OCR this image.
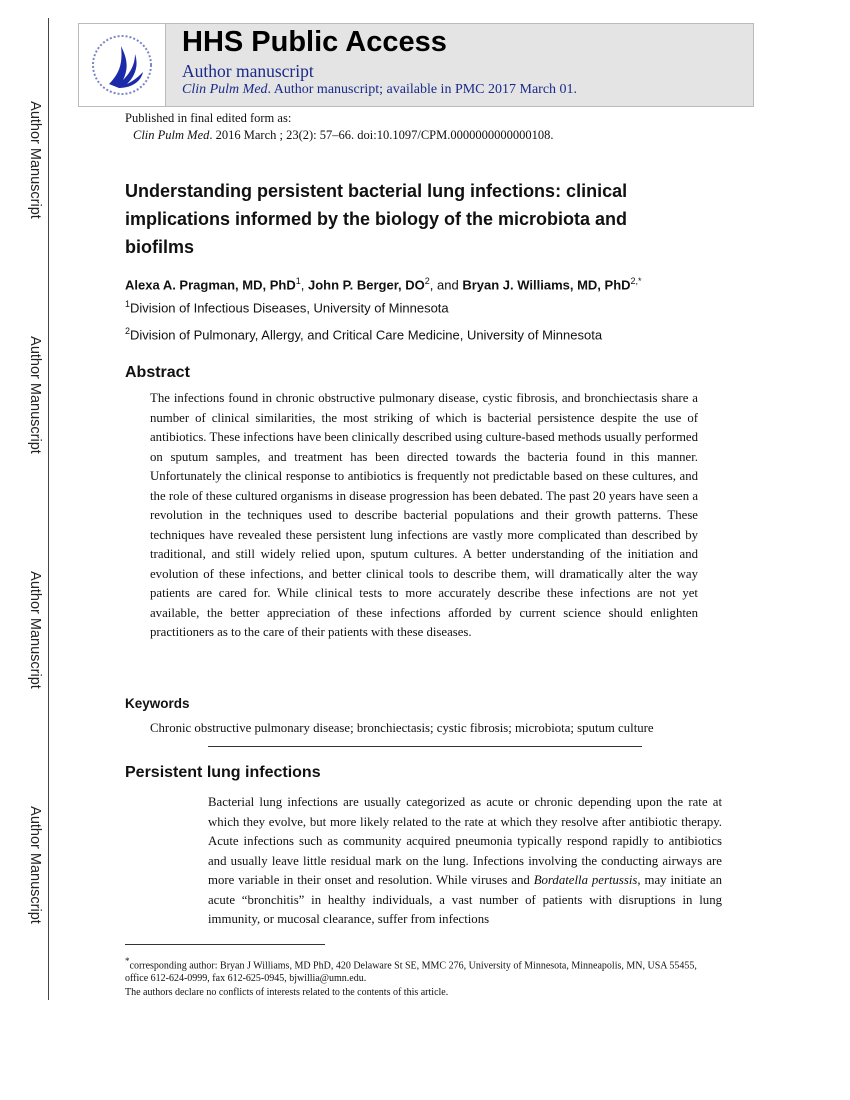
Author Manuscript
Author Manuscript
Author Manuscript
Author Manuscript
HHS Public Access
Author manuscript
Clin Pulm Med. Author manuscript; available in PMC 2017 March 01.
Published in final edited form as:
Clin Pulm Med. 2016 March ; 23(2): 57–66. doi:10.1097/CPM.0000000000000108.
Understanding persistent bacterial lung infections: clinical implications informed by the biology of the microbiota and biofilms
Alexa A. Pragman, MD, PhD$^1$, John P. Berger, $DO^2$, and Bryan J. Williams, MD, PhD$^{2,*}$
$^1$Division of Infectious Diseases, University of Minnesota
$^2$Division of Pulmonary, Allergy, and Critical Care Medicine, University of Minnesota
Abstract
The infections found in chronic obstructive pulmonary disease, cystic fibrosis, and bronchiectasis share a number of clinical similarities, the most striking of which is bacterial persistence despite the use of antibiotics. These infections have been clinically described using culture-based methods usually performed on sputum samples, and treatment has been directed towards the bacteria found in this manner. Unfortunately the clinical response to antibiotics is frequently not predictable based on these cultures, and the role of these cultured organisms in disease progression has been debated. The past 20 years have seen a revolution in the techniques used to describe bacterial populations and their growth patterns. These techniques have revealed these persistent lung infections are vastly more complicated than described by traditional, and still widely relied upon, sputum cultures. A better understanding of the initiation and evolution of these infections, and better clinical tools to describe them, will dramatically alter the way patients are cared for. While clinical tests to more accurately describe these infections are not yet available, the better appreciation of these infections afforded by current science should enlighten practitioners as to the care of their patients with these diseases.
Keywords
Chronic obstructive pulmonary disease; bronchiectasis; cystic fibrosis; microbiota; sputum culture
Persistent lung infections
Bacterial lung infections are usually categorized as acute or chronic depending upon the rate at which they evolve, but more likely related to the rate at which they resolve after antibiotic therapy. Acute infections such as community acquired pneumonia typically respond rapidly to antibiotics and usually leave little residual mark on the lung. Infections involving the conducting airways are more variable in their onset and resolution. While viruses and Bordatella pertussis, may initiate an acute “bronchitis” in healthy individuals, a vast number of patients with disruptions in lung immunity, or mucosal clearance, suffer from infections
*corresponding author: Bryan J Williams, MD PhD, 420 Delaware St SE, MMC 276, University of Minnesota, Minneapolis, MN, USA 55455, office 612-624-0999, fax 612-625-0945, bjwillia@umn.edu.
The authors declare no conflicts of interests related to the contents of this article.
